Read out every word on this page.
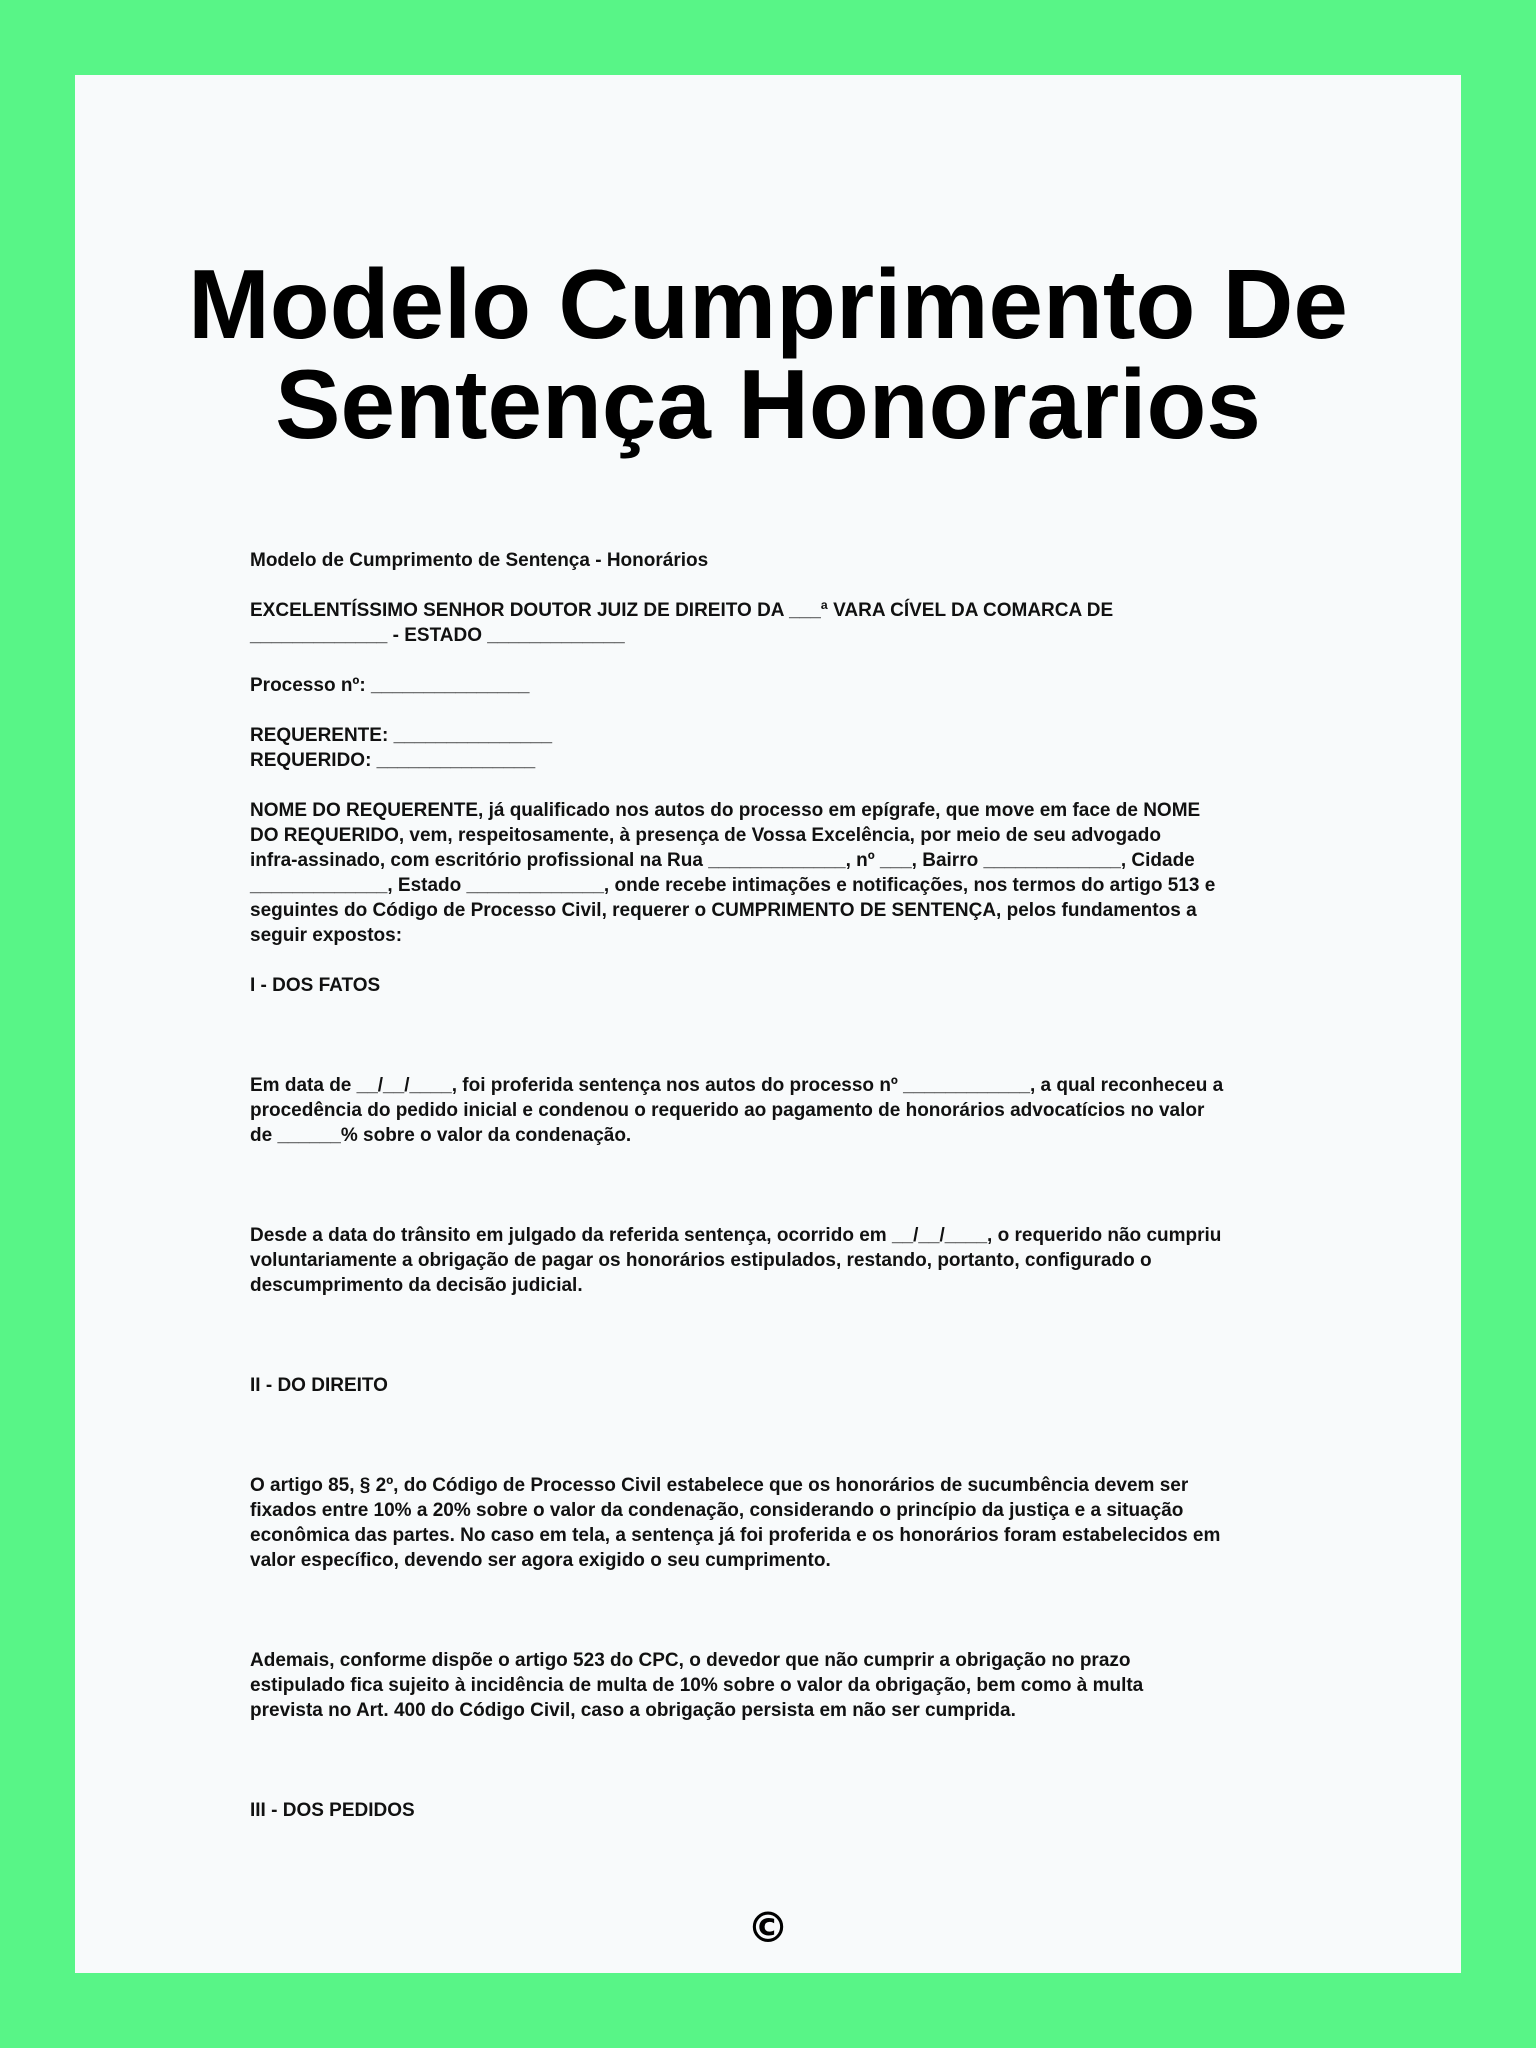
Modelo Cumprimento De
Sentença Honorarios

Modelo de Cumprimento de Sentença - Honorários

EXCELENTÍSSIMO SENHOR DOUTOR JUIZ DE DIREITO DA ___ª VARA CÍVEL DA COMARCA DE
_____________ - ESTADO _____________

Processo nº: _______________

REQUERENTE: _______________
REQUERIDO: _______________

NOME DO REQUERENTE, já qualificado nos autos do processo em epígrafe, que move em face de NOME
DO REQUERIDO, vem, respeitosamente, à presença de Vossa Excelência, por meio de seu advogado
infra-assinado, com escritório profissional na Rua _____________, nº ___, Bairro _____________, Cidade
_____________, Estado _____________, onde recebe intimações e notificações, nos termos do artigo 513 e
seguintes do Código de Processo Civil, requerer o CUMPRIMENTO DE SENTENÇA, pelos fundamentos a
seguir expostos:

I - DOS FATOS

Em data de __/__/____, foi proferida sentença nos autos do processo nº ____________, a qual reconheceu a
procedência do pedido inicial e condenou o requerido ao pagamento de honorários advocatícios no valor
de ______% sobre o valor da condenação.

Desde a data do trânsito em julgado da referida sentença, ocorrido em __/__/____, o requerido não cumpriu
voluntariamente a obrigação de pagar os honorários estipulados, restando, portanto, configurado o
descumprimento da decisão judicial.

II - DO DIREITO

O artigo 85, § 2º, do Código de Processo Civil estabelece que os honorários de sucumbência devem ser
fixados entre 10% a 20% sobre o valor da condenação, considerando o princípio da justiça e a situação
econômica das partes. No caso em tela, a sentença já foi proferida e os honorários foram estabelecidos em
valor específico, devendo ser agora exigido o seu cumprimento.

Ademais, conforme dispõe o artigo 523 do CPC, o devedor que não cumprir a obrigação no prazo
estipulado fica sujeito à incidência de multa de 10% sobre o valor da obrigação, bem como à multa
prevista no Art. 400 do Código Civil, caso a obrigação persista em não ser cumprida.

III - DOS PEDIDOS

©
